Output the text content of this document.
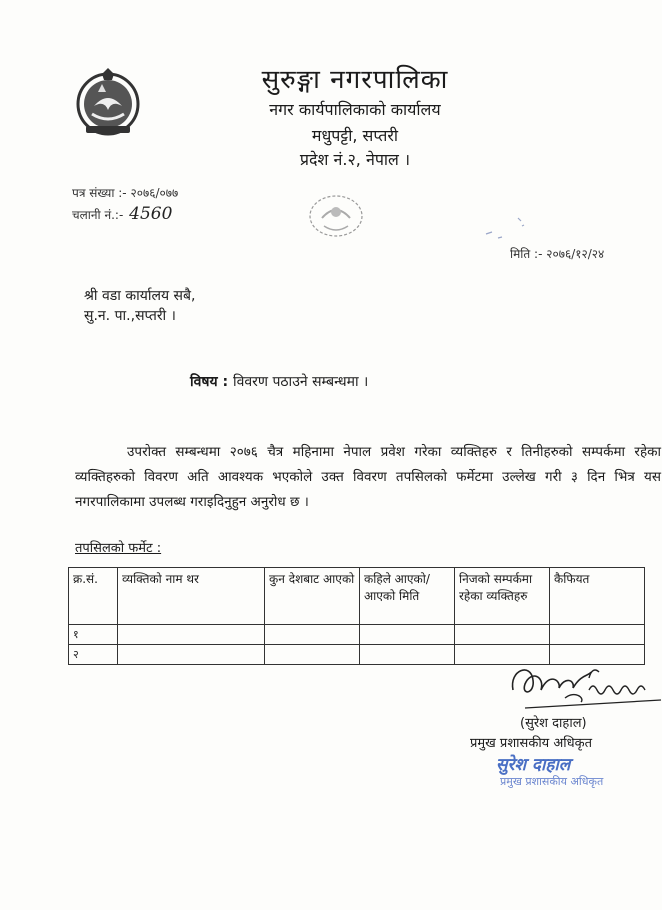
सुरुङ्गा नगरपालिका
नगर कार्यपालिकाको कार्यालय
मधुपट्टी, सप्तरी
प्रदेश नं.२, नेपाल ।
पत्र संख्या :- २०७६/०७७
चलानी नं.:- 4560
मिति :- २०७६/१२/२४
श्री वडा कार्यालय सबै,
सु.न. पा.,सप्तरी ।
विषय : विवरण पठाउने सम्बन्धमा ।
उपरोक्त सम्बन्धमा २०७६ चैत्र महिनामा नेपाल प्रवेश गरेका व्यक्तिहरु र तिनीहरुको सम्पर्कमा रहेका व्यक्तिहरुको विवरण अति आवश्यक भएकोले उक्त विवरण तपसिलको फर्मेटमा उल्लेख गरी ३ दिन भित्र यस नगरपालिकामा उपलब्ध गराइदिनुहुन अनुरोध छ ।
तपसिलको फर्मेट :
क्र.सं.	व्यक्तिको नाम थर	कुन देशबाट आएको	कहिले आएको/आएको मिति	निजको सम्पर्कमा रहेका व्यक्तिहरु	कैफियत
१					
२					
(सुरेश दाहाल)
प्रमुख प्रशासकीय अधिकृत
सुरेश दाहाल
प्रमुख प्रशासकीय अधिकृत
